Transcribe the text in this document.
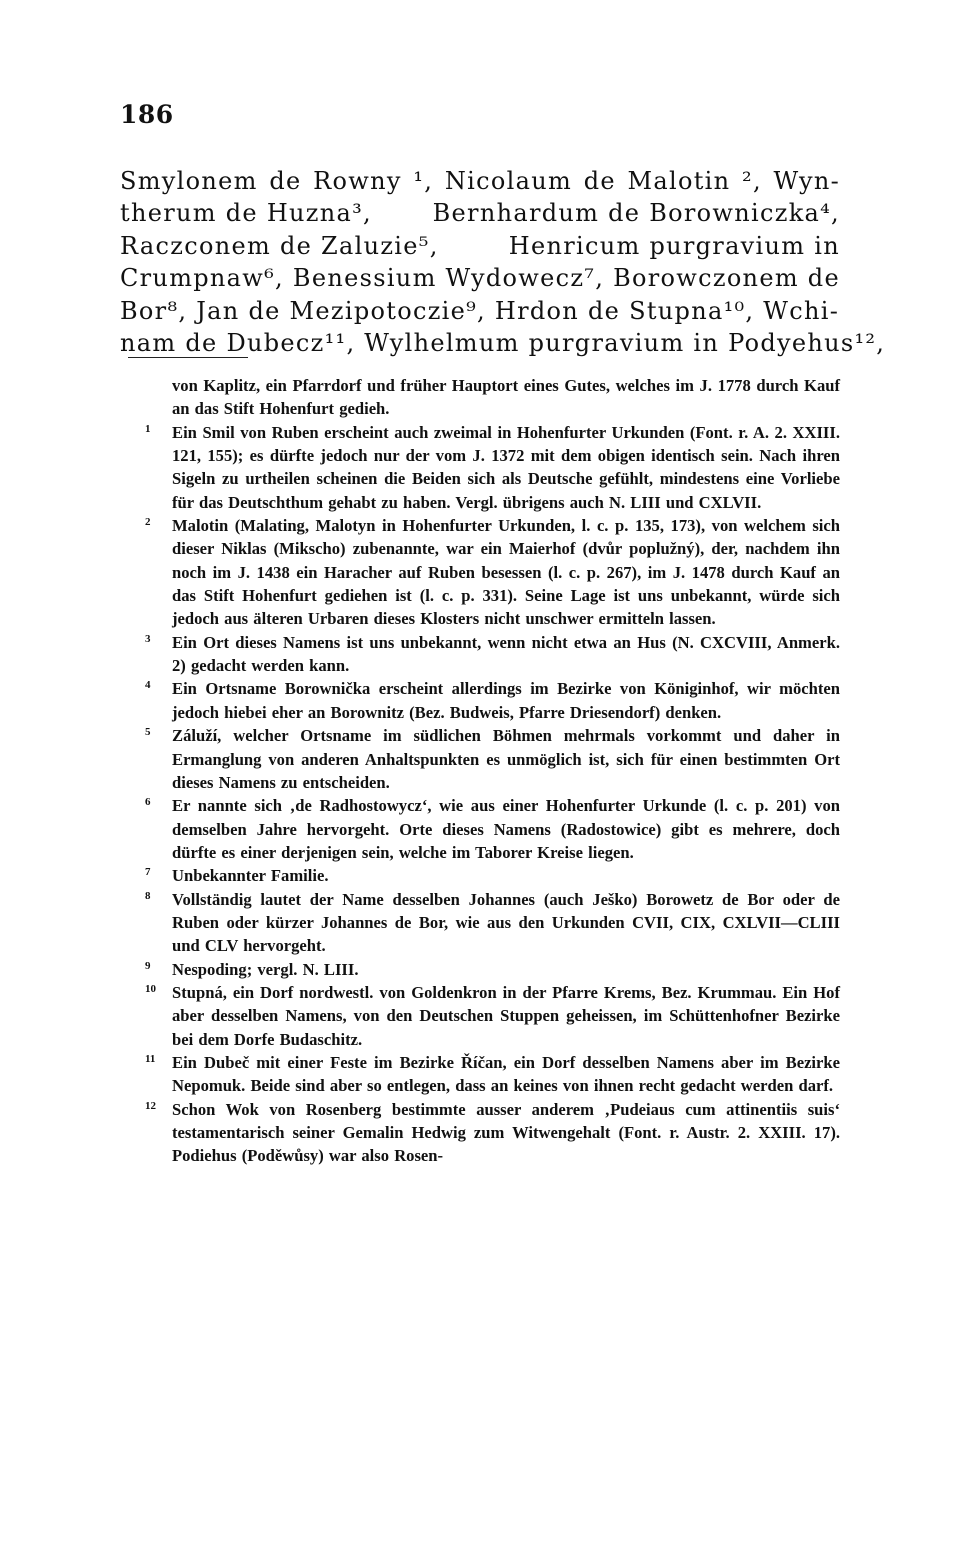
186
Smylonem de Rowny ¹, Nicolaum de Malotin ², Wyn-
therum de Huzna³,	Bernhardum de Borowniczka⁴,
Raczconem de Zaluzie⁵,	Henricum purgravium in
Crumpnaw⁶, Benessium Wydowecz⁷, Borowczonem de
Bor⁸, Jan de Mezipotoczie⁹, Hrdon de Stupna¹⁰, Wchi-
nam de Dubecz¹¹, Wylhelmum purgravium in Podyehus¹²,
von Kaplitz, ein Pfarrdorf und früher Hauptort eines Gutes, welches im J. 1778 durch Kauf an das Stift Hohenfurt gedieh.
1 Ein Smil von Ruben erscheint auch zweimal in Hohenfurter Urkunden (Font. r. A. 2. XXIII. 121, 155); es dürfte jedoch nur der vom J. 1372 mit dem obigen identisch sein. Nach ihren Sigeln zu urtheilen scheinen die Beiden sich als Deutsche gefühlt, mindestens eine Vorliebe für das Deutschthum gehabt zu haben. Vergl. übrigens auch N. LIII und CXLVII.
2 Malotin (Malating, Malotyn in Hohenfurter Urkunden, l. c. p. 135, 173), von welchem sich dieser Niklas (Mikscho) zubenannte, war ein Maierhof (dvůr poplužný), der, nachdem ihn noch im J. 1438 ein Haracher auf Ruben besessen (l. c. p. 267), im J. 1478 durch Kauf an das Stift Hohenfurt gediehen ist (l. c. p. 331). Seine Lage ist uns unbekannt, würde sich jedoch aus älteren Urbaren dieses Klosters nicht unschwer ermitteln lassen.
3 Ein Ort dieses Namens ist uns unbekannt, wenn nicht etwa an Hus (N. CXCVIII, Anmerk. 2) gedacht werden kann.
4 Ein Ortsname Borownička erscheint allerdings im Bezirke von Königinhof, wir möchten jedoch hiebei eher an Borownitz (Bez. Budweis, Pfarre Driesendorf) denken.
5 Záluží, welcher Ortsname im südlichen Böhmen mehrmals vorkommt und daher in Ermanglung von anderen Anhaltspunkten es unmöglich ist, sich für einen bestimmten Ort dieses Namens zu entscheiden.
6 Er nannte sich ‚de Radhostowycz‘, wie aus einer Hohenfurter Urkunde (l. c. p. 201) von demselben Jahre hervorgeht. Orte dieses Namens (Radostowice) gibt es mehrere, doch dürfte es einer derjenigen sein, welche im Taborer Kreise liegen.
7 Unbekannter Familie.
8 Vollständig lautet der Name desselben Johannes (auch Ješko) Borowetz de Bor oder de Ruben oder kürzer Johannes de Bor, wie aus den Urkunden CVII, CIX, CXLVII—CLIII und CLV hervorgeht.
9 Nespoding; vergl. N. LIII.
10 Stupná, ein Dorf nordwestl. von Goldenkron in der Pfarre Krems, Bez. Krummau. Ein Hof aber desselben Namens, von den Deutschen Stuppen geheissen, im Schüttenhofner Bezirke bei dem Dorfe Budaschitz.
11 Ein Dubeč mit einer Feste im Bezirke Říčan, ein Dorf desselben Namens aber im Bezirke Nepomuk. Beide sind aber so entlegen, dass an keines von ihnen recht gedacht werden darf.
12 Schon Wok von Rosenberg bestimmte ausser anderem ‚Pudeiaus cum attinentiis suis‘ testamentarisch seiner Gemalin Hedwig zum Witwengehalt (Font. r. Austr. 2. XXIII. 17). Podiehus (Poděwůsy) war also Rosen-
